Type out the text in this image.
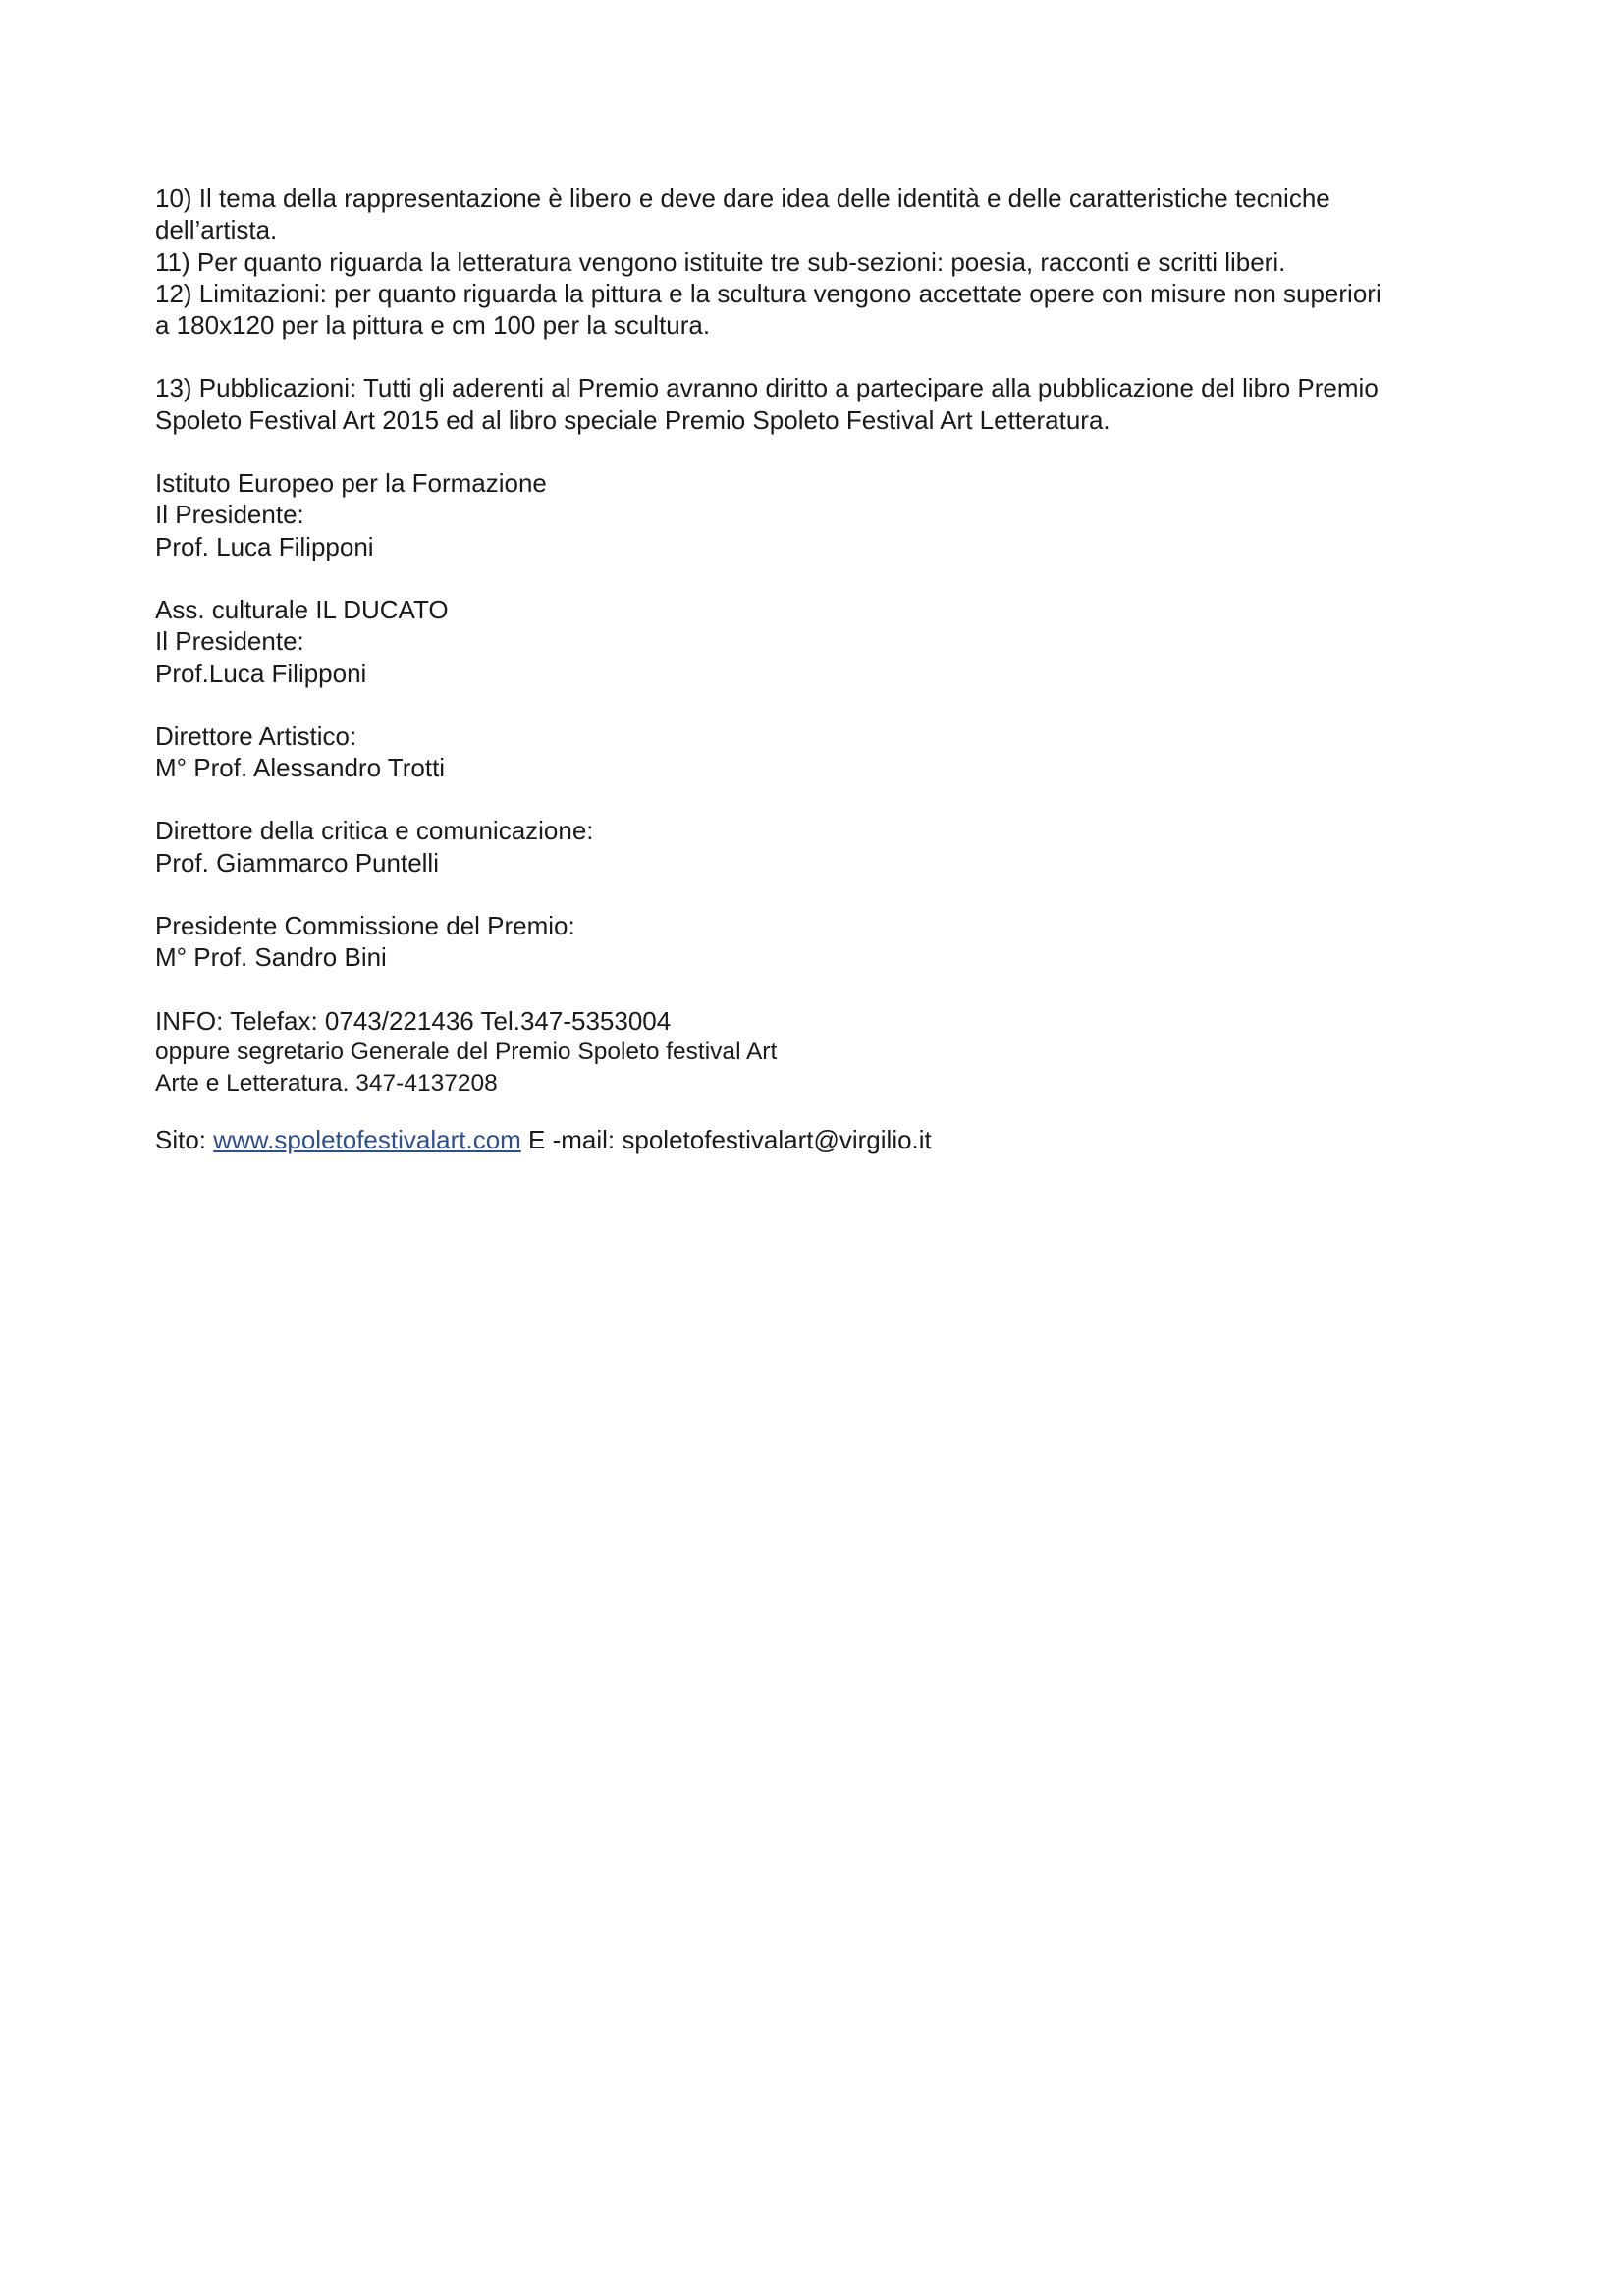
10) Il tema della rappresentazione è libero e deve dare idea delle identità e delle caratteristiche tecniche
dell’artista.

11) Per quanto riguarda la letteratura vengono istituite tre sub-sezioni: poesia, racconti e scritti liberi.

12) Limitazioni: per quanto riguarda la pittura e la scultura vengono accettate opere con misure non superiori
a 180x120 per la pittura e cm 100 per la scultura.

13) Pubblicazioni: Tutti gli aderenti al Premio avranno diritto a partecipare alla pubblicazione del libro Premio
Spoleto Festival Art 2015 ed al libro speciale Premio Spoleto Festival Art Letteratura.

Istituto Europeo per la Formazione
Il Presidente:
Prof. Luca Filipponi

Ass. culturale IL DUCATO
Il Presidente:
Prof.Luca Filipponi

Direttore Artistico:
M° Prof. Alessandro Trotti

Direttore della critica e comunicazione:
Prof. Giammarco Puntelli

Presidente Commissione del Premio:
M° Prof. Sandro Bini

INFO: Telefax: 0743/221436 Tel.347-5353004
oppure segretario Generale del Premio Spoleto festival Art
Arte e Letteratura. 347-4137208

Sito: www.spoletofestivalart.com E -mail: spoletofestivalart@virgilio.it
